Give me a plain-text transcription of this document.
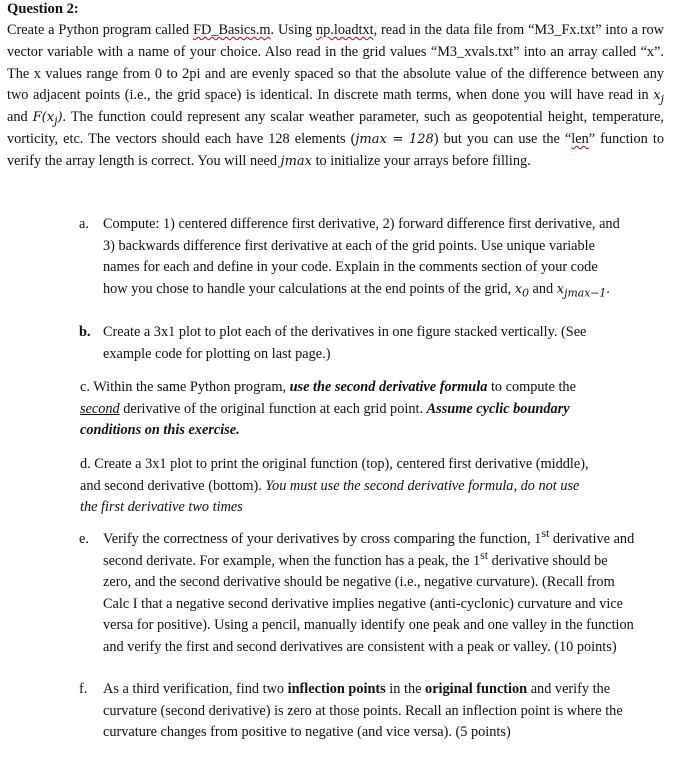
Question 2:
Create a Python program called FD_Basics.m. Using np.loadtxt, read in the data file from “M3_Fx.txt” into a row vector variable with a name of your choice. Also read in the grid values “M3_xvals.txt” into an array called “x”. The x values range from 0 to 2pi and are evenly spaced so that the absolute value of the difference between any two adjacent points (i.e., the grid space) is identical. In discrete math terms, when done you will have read in $x_j$ and $F(x_j)$. The function could represent any scalar weather parameter, such as geopotential height, temperature, vorticity, etc. The vectors should each have 128 elements (jmax = 128) but you can use the “len” function to verify the array length is correct. You will need jmax to initialize your arrays before filling.
a. Compute: 1) centered difference first derivative, 2) forward difference first derivative, and 3) backwards difference first derivative at each of the grid points. Use unique variable names for each and define in your code. Explain in the comments section of your code how you chose to handle your calculations at the end points of the grid, $x_0$ and $x_{jmax-1}$.
b. Create a 3x1 plot to plot each of the derivatives in one figure stacked vertically. (See example code for plotting on last page.)
c. Within the same Python program, use the second derivative formula to compute the second derivative of the original function at each grid point. Assume cyclic boundary conditions on this exercise.
d. Create a 3x1 plot to print the original function (top), centered first derivative (middle), and second derivative (bottom). You must use the second derivative formula, do not use the first derivative two times
e. Verify the correctness of your derivatives by cross comparing the function, 1st derivative and second derivate. For example, when the function has a peak, the 1st derivative should be zero, and the second derivative should be negative (i.e., negative curvature). (Recall from Calc I that a negative second derivative implies negative (anti-cyclonic) curvature and vice versa for positive). Using a pencil, manually identify one peak and one valley in the function and verify the first and second derivatives are consistent with a peak or valley. (10 points)
f. As a third verification, find two inflection points in the original function and verify the curvature (second derivative) is zero at those points. Recall an inflection point is where the curvature changes from positive to negative (and vice versa). (5 points)
